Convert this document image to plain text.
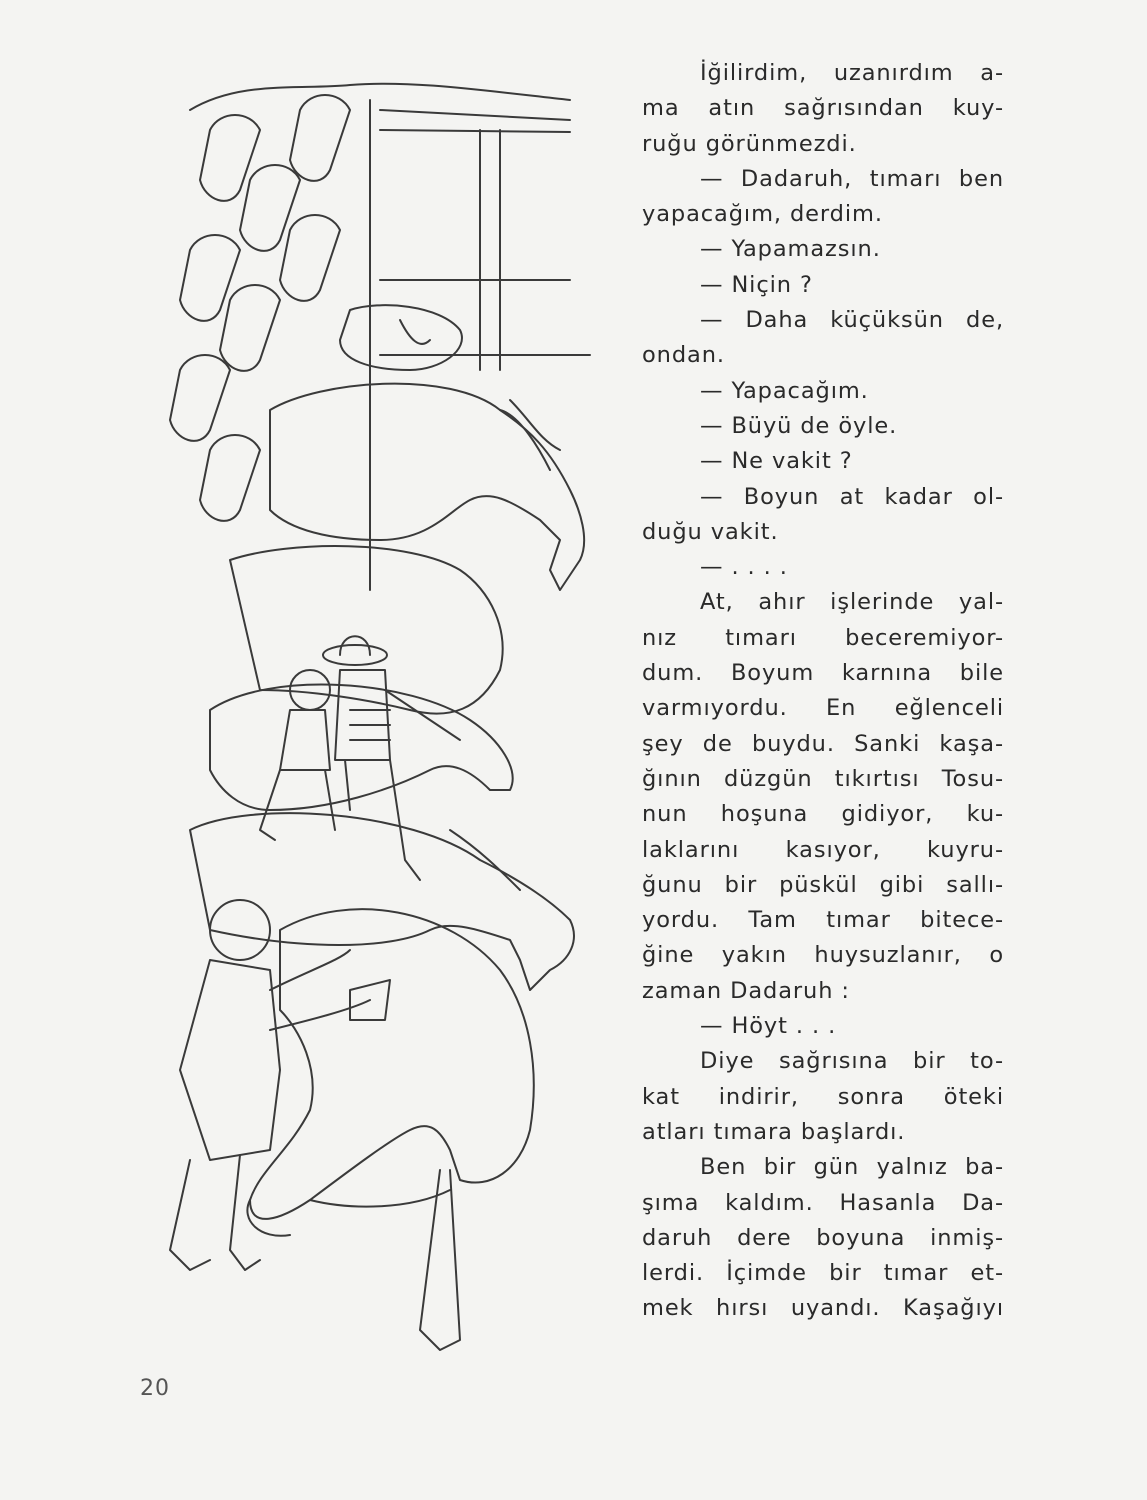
İğilirdim, uzanırdım a-
ma atın sağrısından kuy-
ruğu görünmezdi.
— Dadaruh, tımarı ben
yapacağım, derdim.
— Yapamazsın.
— Niçin ?
— Daha küçüksün de,
ondan.
— Yapacağım.
— Büyü de öyle.
— Ne vakit ?
— Boyun at kadar ol-
duğu vakit.
— . . . .
At, ahır işlerinde yal-
nız tımarı beceremiyor-
dum. Boyum karnına bile
varmıyordu. En eğlenceli
şey de buydu. Sanki kaşa-
ğının düzgün tıkırtısı Tosu-
nun hoşuna gidiyor, ku-
laklarını kasıyor, kuyru-
ğunu bir püskül gibi sallı-
yordu. Tam tımar bitece-
ğine yakın huysuzlanır, o
zaman Dadaruh :
— Höyt . . .
Diye sağrısına bir to-
kat indirir, sonra öteki
atları tımara başlardı.
Ben bir gün yalnız ba-
şıma kaldım. Hasanla Da-
daruh dere boyuna inmiş-
lerdi. İçimde bir tımar et-
mek hırsı uyandı. Kaşağıyı
20
